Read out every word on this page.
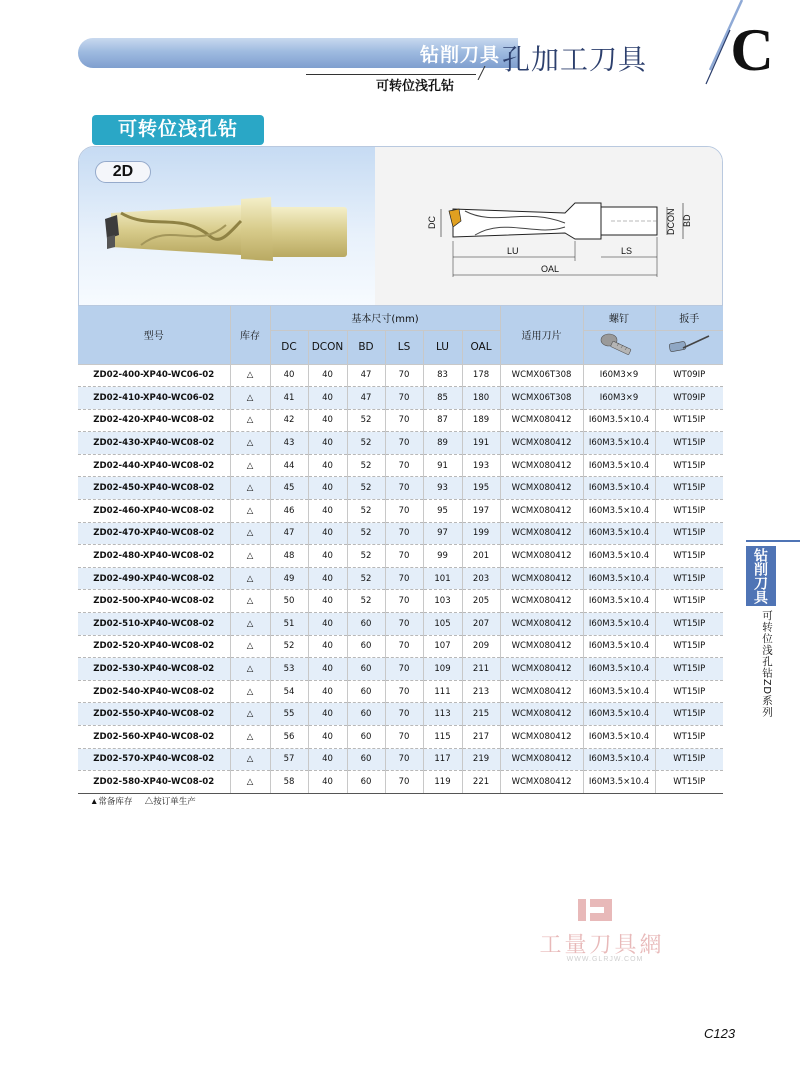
钻削刀具 孔加工刀具	C
可转位浅孔钻
可转位浅孔钻
2D
DC	DCON BD
LU	LS
OAL
型号	库存	基本尺寸(mm)						适用刀片	螺钉	扳手
		DC	DCON	BD	LS	LU	OAL		
ZD02-400-XP40-WC06-02	△	40	40	47	70	83	178	WCMX06T308	I60M3×9	WT09IP
ZD02-410-XP40-WC06-02	△	41	40	47	70	85	180	WCMX06T308	I60M3×9	WT09IP
ZD02-420-XP40-WC08-02	△	42	40	52	70	87	189	WCMX080412	I60M3.5×10.4	WT15IP
ZD02-430-XP40-WC08-02	△	43	40	52	70	89	191	WCMX080412	I60M3.5×10.4	WT15IP
ZD02-440-XP40-WC08-02	△	44	40	52	70	91	193	WCMX080412	I60M3.5×10.4	WT15IP
ZD02-450-XP40-WC08-02	△	45	40	52	70	93	195	WCMX080412	I60M3.5×10.4	WT15IP
ZD02-460-XP40-WC08-02	△	46	40	52	70	95	197	WCMX080412	I60M3.5×10.4	WT15IP
ZD02-470-XP40-WC08-02	△	47	40	52	70	97	199	WCMX080412	I60M3.5×10.4	WT15IP
ZD02-480-XP40-WC08-02	△	48	40	52	70	99	201	WCMX080412	I60M3.5×10.4	WT15IP
ZD02-490-XP40-WC08-02	△	49	40	52	70	101	203	WCMX080412	I60M3.5×10.4	WT15IP
ZD02-500-XP40-WC08-02	△	50	40	52	70	103	205	WCMX080412	I60M3.5×10.4	WT15IP
ZD02-510-XP40-WC08-02	△	51	40	60	70	105	207	WCMX080412	I60M3.5×10.4	WT15IP
ZD02-520-XP40-WC08-02	△	52	40	60	70	107	209	WCMX080412	I60M3.5×10.4	WT15IP
ZD02-530-XP40-WC08-02	△	53	40	60	70	109	211	WCMX080412	I60M3.5×10.4	WT15IP
ZD02-540-XP40-WC08-02	△	54	40	60	70	111	213	WCMX080412	I60M3.5×10.4	WT15IP
ZD02-550-XP40-WC08-02	△	55	40	60	70	113	215	WCMX080412	I60M3.5×10.4	WT15IP
ZD02-560-XP40-WC08-02	△	56	40	60	70	115	217	WCMX080412	I60M3.5×10.4	WT15IP
ZD02-570-XP40-WC08-02	△	57	40	60	70	117	219	WCMX080412	I60M3.5×10.4	WT15IP
ZD02-580-XP40-WC08-02	△	58	40	60	70	119	221	WCMX080412	I60M3.5×10.4	WT15IP
▲常备库存 △按订单生产
钻削刀具
可转位浅孔钻ZD系列
工量刀具網
WWW.GLRJW.COM
C123
